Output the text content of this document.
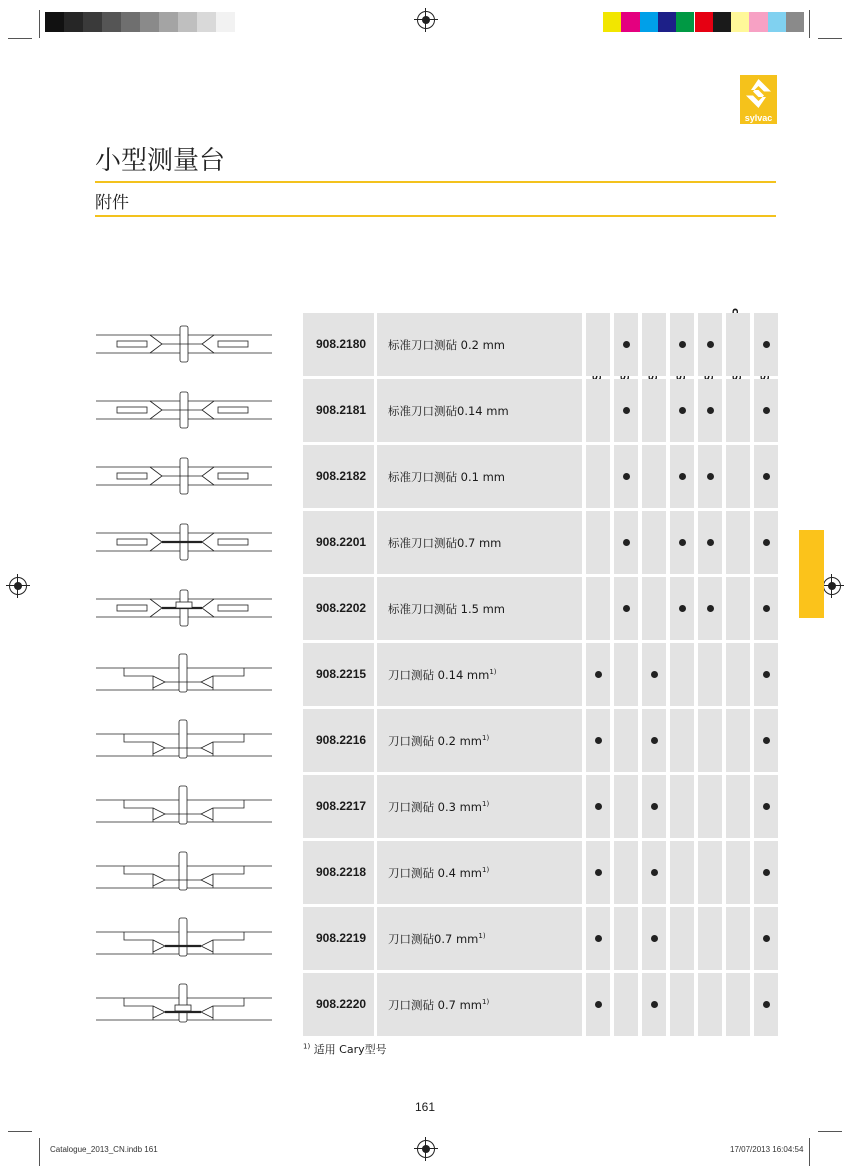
sylvac
小型测量台
附件
908.2180 标准刀口测砧 0.2 mm
908.2181 标准刀口测砧0.14 mm
908.2182 标准刀口测砧 0.1 mm
908.2201 标准刀口测砧0.7 mm
908.2202 标准刀口测砧 1.5 mm
908.2215 刀口测砧 0.14 $mm^{1)}$
908.2216 刀口测砧 0.2 $mm^{1)}$
908.2217 刀口测砧 0.3 $mm^{1)}$
908.2218 刀口测砧 0.4 $mm^{1)}$
908.2219 刀口测砧0.7 $mm^{1)}$
908.2220 刀口测砧 0.7 $mm^{1)}$
$^{1)}$ 适用 Cary型号
161
Catalogue_2013_CN.indb 161	17/07/2013 16:04:54
